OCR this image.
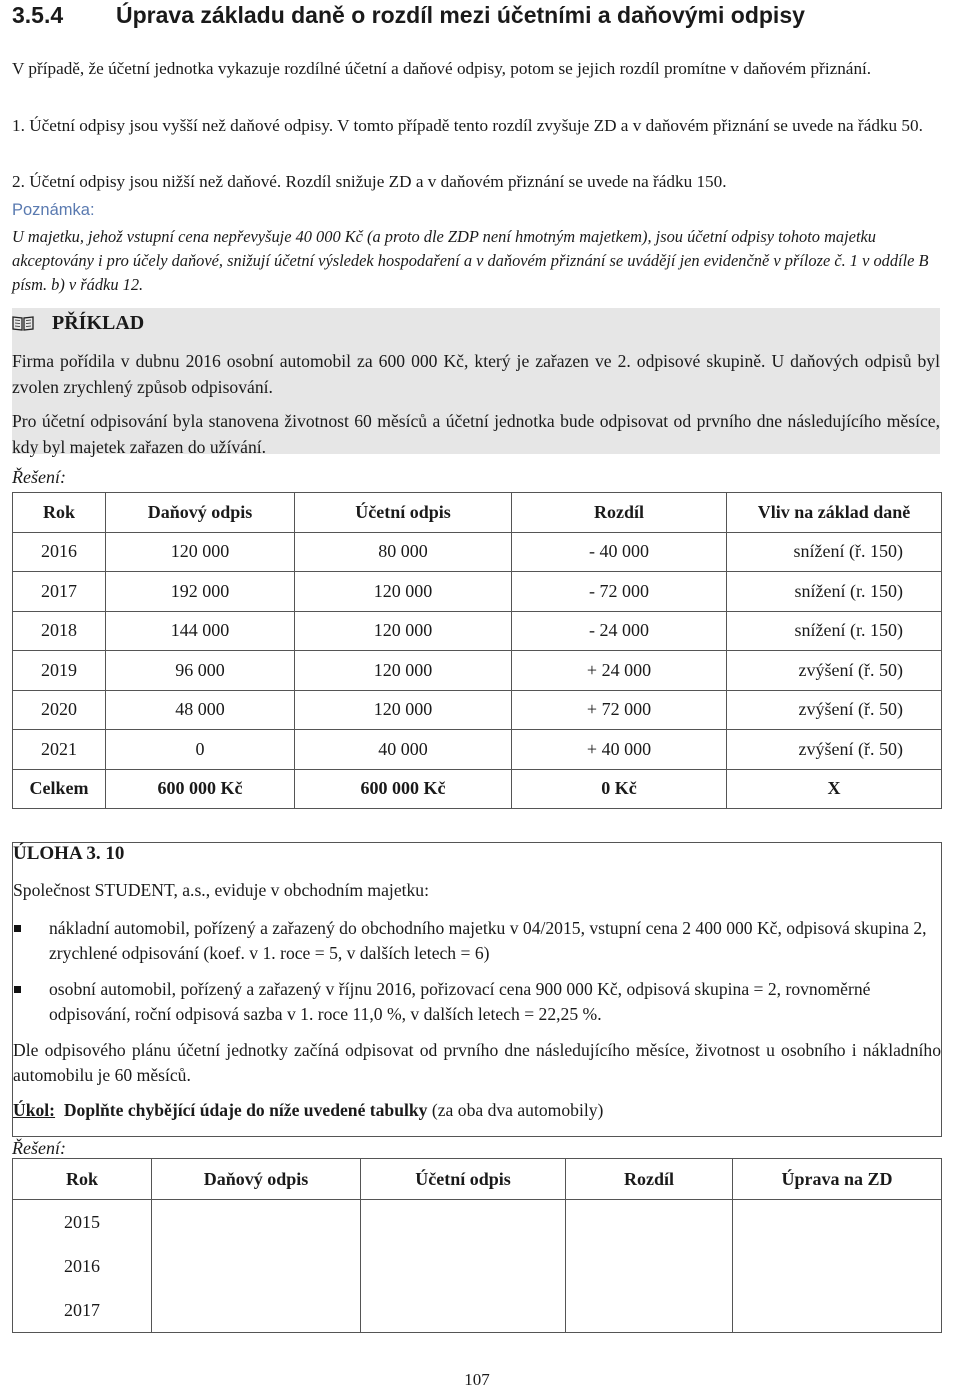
3.5.4 Úprava základu daně o rozdíl mezi účetními a daňovými odpisy

V případě, že účetní jednotka vykazuje rozdílné účetní a daňové odpisy, potom se jejich rozdíl promítne v daňovém přiznání.

1. Účetní odpisy jsou vyšší než daňové odpisy. V tomto případě tento rozdíl zvyšuje ZD a v daňovém přiznání se uvede na řádku 50.

2. Účetní odpisy jsou nižší než daňové. Rozdíl snižuje ZD a v daňovém přiznání se uvede na řádku 150.

Poznámka:

U majetku, jehož vstupní cena nepřevyšuje 40 000 Kč (a proto dle ZDP není hmotným majetkem), jsou účetní odpisy tohoto majetku akceptovány i pro účely daňové, snižují účetní výsledek hospodaření a v daňovém přiznání se uvádějí jen evidenčně v příloze č. 1 v oddíle B písm. b) v řádku 12.

PŘÍKLAD

Firma pořídila v dubnu 2016 osobní automobil za 600 000 Kč, který je zařazen ve 2. odpisové skupině. U daňových odpisů byl zvolen zrychlený způsob odpisování.

Pro účetní odpisování byla stanovena životnost 60 měsíců a účetní jednotka bude odpisovat od prvního dne následujícího měsíce, kdy byl majetek zařazen do užívání.

Řešení:

Rok	Daňový odpis	Účetní odpis	Rozdíl	Vliv na základ daně
2016	120 000	80 000	- 40 000	snížení (ř. 150)
2017	192 000	120 000	- 72 000	snížení (r. 150)
2018	144 000	120 000	- 24 000	snížení (r. 150)
2019	96 000	120 000	+ 24 000	zvýšení (ř. 50)
2020	48 000	120 000	+ 72 000	zvýšení (ř. 50)
2021	0	40 000	+ 40 000	zvýšení (ř. 50)
Celkem	600 000 Kč	600 000 Kč	0 Kč	X
ÚLOHA 3. 10
Společnost STUDENT, a.s., eviduje v obchodním majetku:
nákladní automobil, pořízený a zařazený do obchodního majetku v 04/2015, vstupní cena 2 400 000 Kč, odpisová skupina 2, zrychlené odpisování (koef. v 1. roce = 5, v dalších letech = 6)
osobní automobil, pořízený a zařazený v říjnu 2016, pořizovací cena 900 000 Kč, odpisová skupina = 2, rovnoměrné odpisování, roční odpisová sazba v 1. roce 11,0 %, v dalších letech = 22,25 %.

Dle odpisového plánu účetní jednotky začíná odpisovat od prvního dne následujícího měsíce, životnost u osobního i nákladního automobilu je 60 měsíců.

Úkol: Doplňte chybějící údaje do níže uvedené tabulky (za oba dva automobily)

Řešení:

Rok	Daňový odpis	Účetní odpis	Rozdíl	Úprava na ZD
2015				
2016				
2017				
107
